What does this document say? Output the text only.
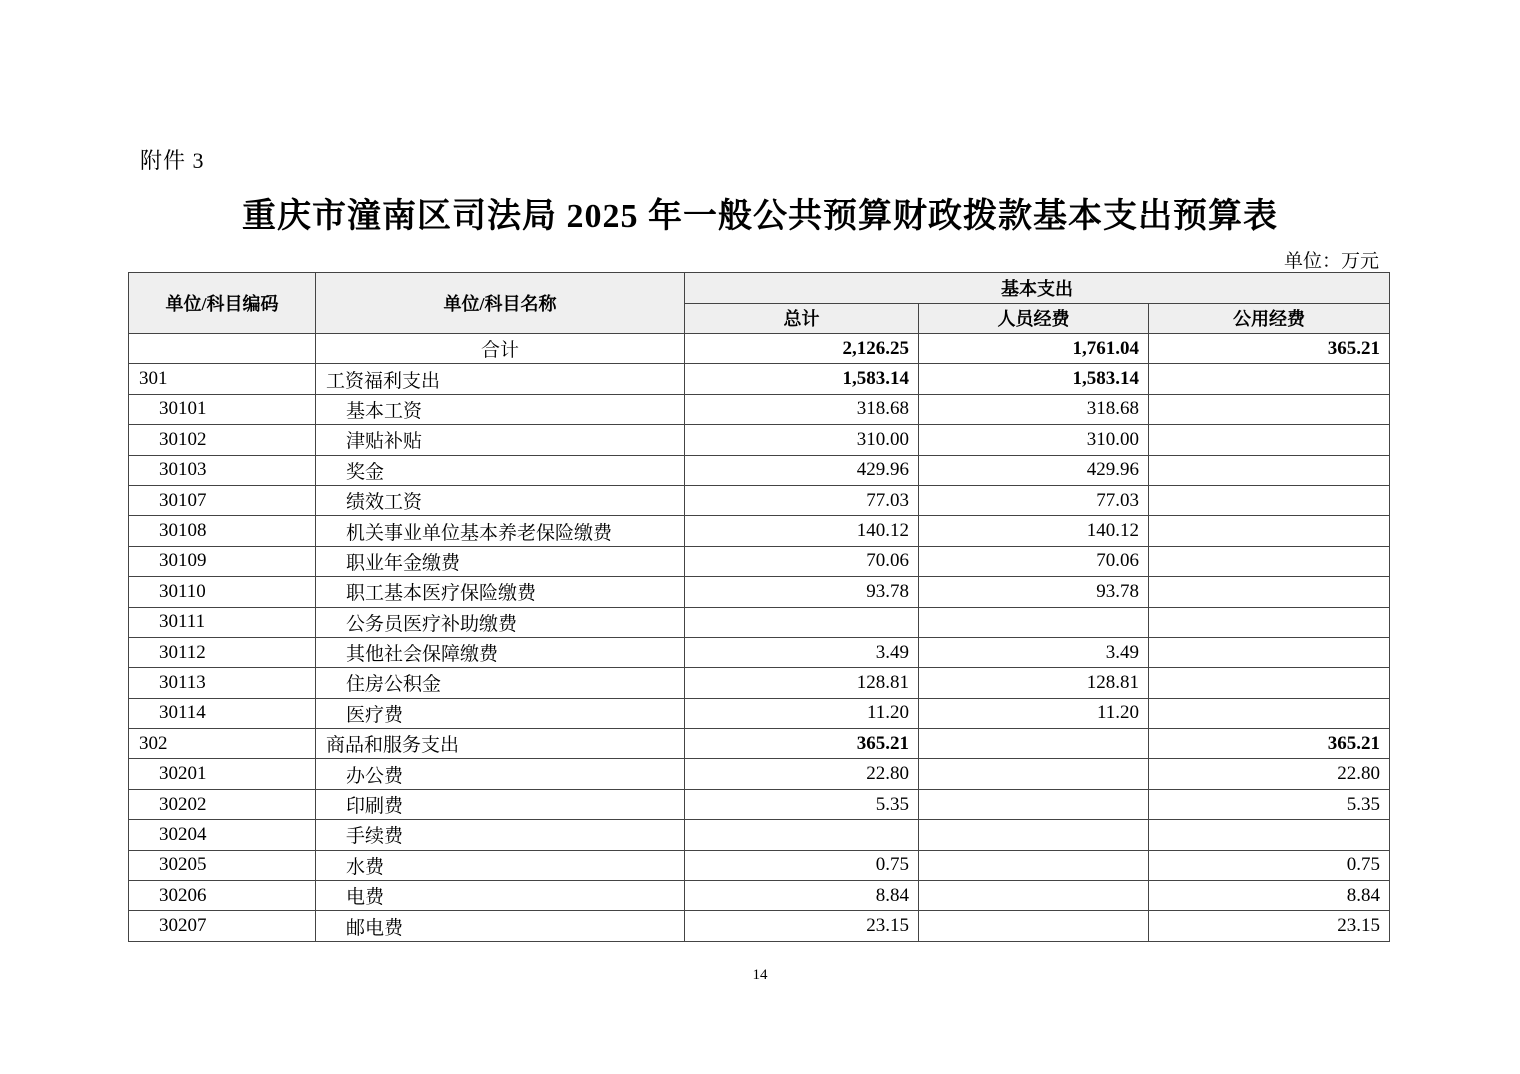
附件 3
重庆市潼南区司法局 2025 年一般公共预算财政拨款基本支出预算表
单位：万元
单位/科目编码	单位/科目名称	基本支出		
		总计	人员经费	公用经费
	合计	2,126.25	1,761.04	365.21
301	工资福利支出	1,583.14	1,583.14	
30101	基本工资	318.68	318.68	
30102	津贴补贴	310.00	310.00	
30103	奖金	429.96	429.96	
30107	绩效工资	77.03	77.03	
30108	机关事业单位基本养老保险缴费	140.12	140.12	
30109	职业年金缴费	70.06	70.06	
30110	职工基本医疗保险缴费	93.78	93.78	
30111	公务员医疗补助缴费			
30112	其他社会保障缴费	3.49	3.49	
30113	住房公积金	128.81	128.81	
30114	医疗费	11.20	11.20	
302	商品和服务支出	365.21		365.21
30201	办公费	22.80		22.80
30202	印刷费	5.35		5.35
30204	手续费			
30205	水费	0.75		0.75
30206	电费	8.84		8.84
30207	邮电费	23.15		23.15
14
